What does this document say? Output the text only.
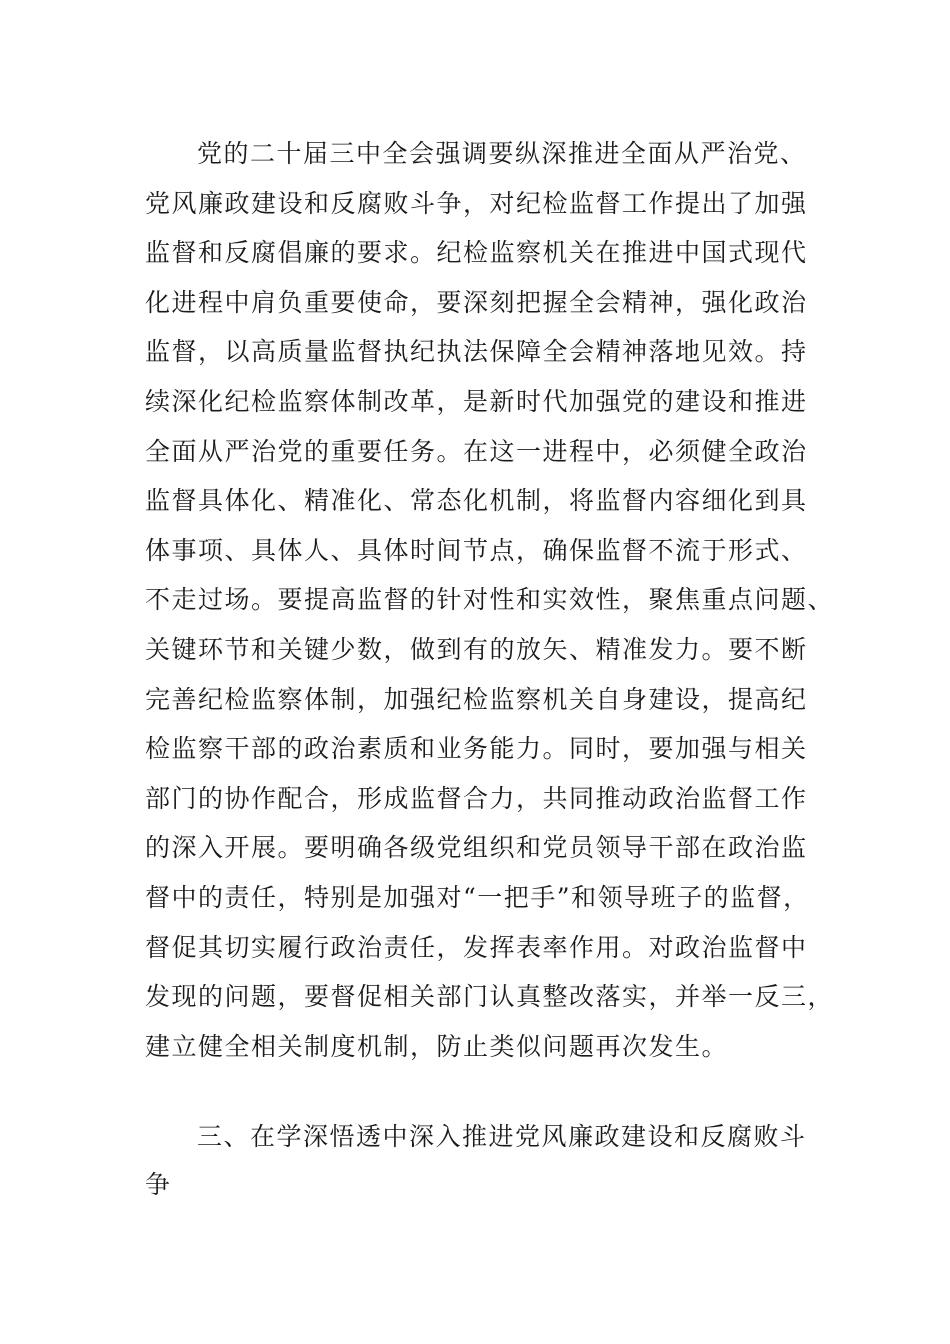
党的二十届三中全会强调要纵深推进全面从严治党、
党风廉政建设和反腐败斗争，对纪检监督工作提出了加强
监督和反腐倡廉的要求。纪检监察机关在推进中国式现代
化进程中肩负重要使命，要深刻把握全会精神，强化政治
监督，以高质量监督执纪执法保障全会精神落地见效。持
续深化纪检监察体制改革，是新时代加强党的建设和推进
全面从严治党的重要任务。在这一进程中，必须健全政治
监督具体化、精准化、常态化机制，将监督内容细化到具
体事项、具体人、具体时间节点，确保监督不流于形式、
不走过场。要提高监督的针对性和实效性，聚焦重点问题、
关键环节和关键少数，做到有的放矢、精准发力。要不断
完善纪检监察体制，加强纪检监察机关自身建设，提高纪
检监察干部的政治素质和业务能力。同时，要加强与相关
部门的协作配合，形成监督合力，共同推动政治监督工作
的深入开展。要明确各级党组织和党员领导干部在政治监
督中的责任，特别是加强对“一把手”和领导班子的监督，
督促其切实履行政治责任，发挥表率作用。对政治监督中
发现的问题，要督促相关部门认真整改落实，并举一反三，
建立健全相关制度机制，防止类似问题再次发生。
三、在学深悟透中深入推进党风廉政建设和反腐败斗
争
